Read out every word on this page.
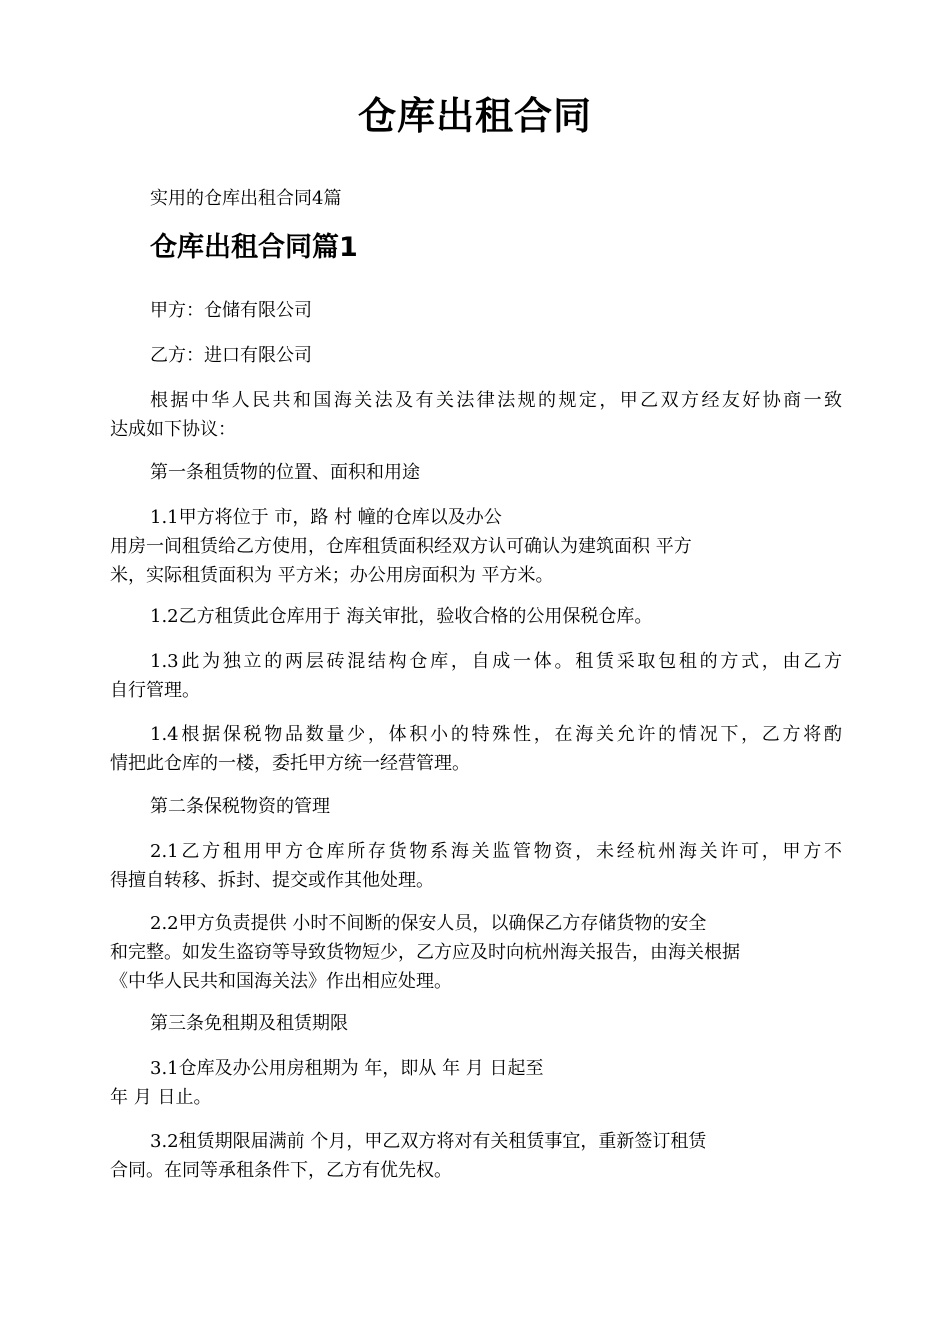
仓库出租合同
实用的仓库出租合同4篇
仓库出租合同篇1
甲方：仓储有限公司
乙方：进口有限公司
根据中华人民共和国海关法及有关法律法规的规定，甲乙双方经友好协商一致
达成如下协议：
第一条租赁物的位置、面积和用途
1.1甲方将位于 市，路 村 幢的仓库以及办公
用房一间租赁给乙方使用，仓库租赁面积经双方认可确认为建筑面积 平方
米，实际租赁面积为 平方米；办公用房面积为 平方米。
1.2乙方租赁此仓库用于 海关审批，验收合格的公用保税仓库。
1.3此为独立的两层砖混结构仓库，自成一体。租赁采取包租的方式，由乙方
自行管理。
1.4根据保税物品数量少，体积小的特殊性，在海关允许的情况下，乙方将酌
情把此仓库的一楼，委托甲方统一经营管理。
第二条保税物资的管理
2.1乙方租用甲方仓库所存货物系海关监管物资，未经杭州海关许可，甲方不
得擅自转移、拆封、提交或作其他处理。
2.2甲方负责提供 小时不间断的保安人员，以确保乙方存储货物的安全
和完整。如发生盗窃等导致货物短少，乙方应及时向杭州海关报告，由海关根据
《中华人民共和国海关法》作出相应处理。
第三条免租期及租赁期限
3.1仓库及办公用房租期为 年，即从 年 月 日起至
年 月 日止。
3.2租赁期限届满前 个月，甲乙双方将对有关租赁事宜，重新签订租赁
合同。在同等承租条件下，乙方有优先权。
